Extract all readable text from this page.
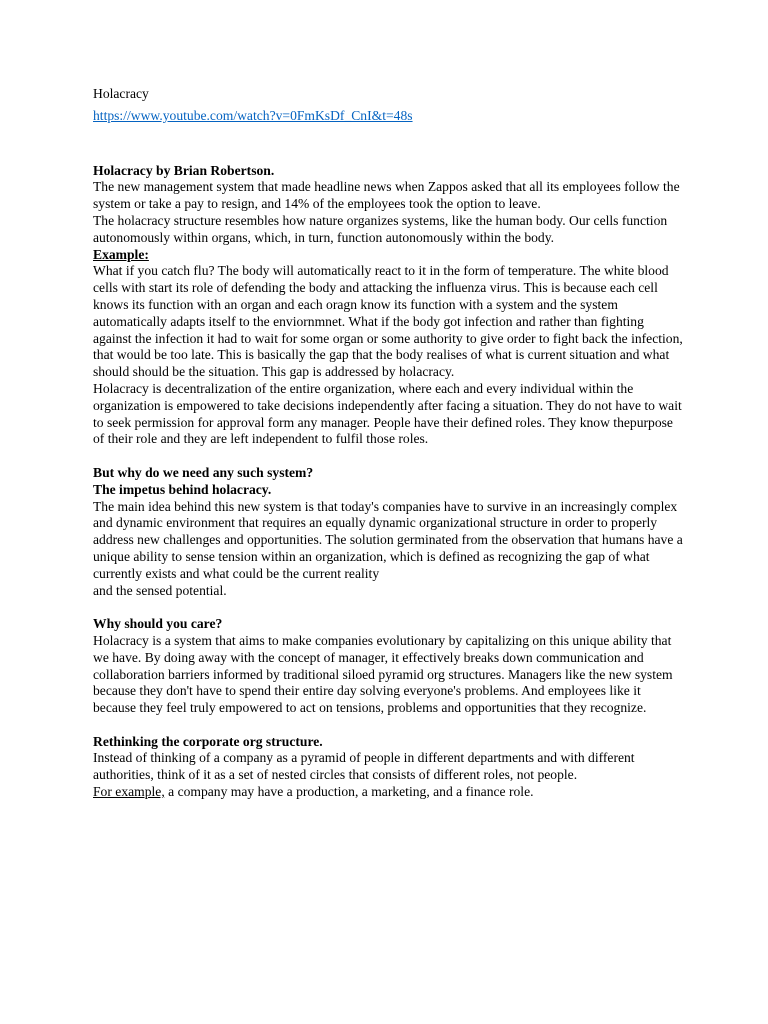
Holacracy

https://www.youtube.com/watch?v=0FmKsDf_CnI&t=48s

Holacracy by Brian Robertson.

The new management system that made headline news when Zappos asked that all its employees follow the system or take a pay to resign, and 14% of the employees took the option to leave.

The holacracy structure resembles how nature organizes systems, like the human body. Our cells function autonomously within organs, which, in turn, function autonomously within the body.

Example:

What if you catch flu? The body will automatically react to it in the form of temperature. The white blood cells with start its role of defending the body and attacking the influenza virus. This is because each cell knows its function with an organ and each oragn know its function with a system and the system automatically adapts itself to the enviornmnet. What if the body got infection and rather than fighting against the infection it had to wait for some organ or some authority to give order to fight back the infection, that would be too late. This is basically the gap that the body realises of what is current situation and what should should be the situation. This gap is addressed by holacracy.

Holacracy is decentralization of the entire organization, where each and every individual within the organization is empowered to take decisions independently after facing a situation. They do not have to wait to seek permission for approval form any manager. People have their defined roles. They know thepurpose of their role and they are left independent to fulfil those roles.

But why do we need any such system?

The impetus behind holacracy.

The main idea behind this new system is that today's companies have to survive in an increasingly complex and dynamic environment that requires an equally dynamic organizational structure in order to properly address new challenges and opportunities. The solution germinated from the observation that humans have a unique ability to sense tension within an organization, which is defined as recognizing the gap of what currently exists and what could be the current reality

and the sensed potential.

Why should you care?

Holacracy is a system that aims to make companies evolutionary by capitalizing on this unique ability that we have. By doing away with the concept of manager, it effectively breaks down communication and collaboration barriers informed by traditional siloed pyramid org structures. Managers like the new system because they don't have to spend their entire day solving everyone's problems. And employees like it because they feel truly empowered to act on tensions, problems and opportunities that they recognize.

Rethinking the corporate org structure.

Instead of thinking of a company as a pyramid of people in different departments and with different authorities, think of it as a set of nested circles that consists of different roles, not people.

For example, a company may have a production, a marketing, and a finance role.
